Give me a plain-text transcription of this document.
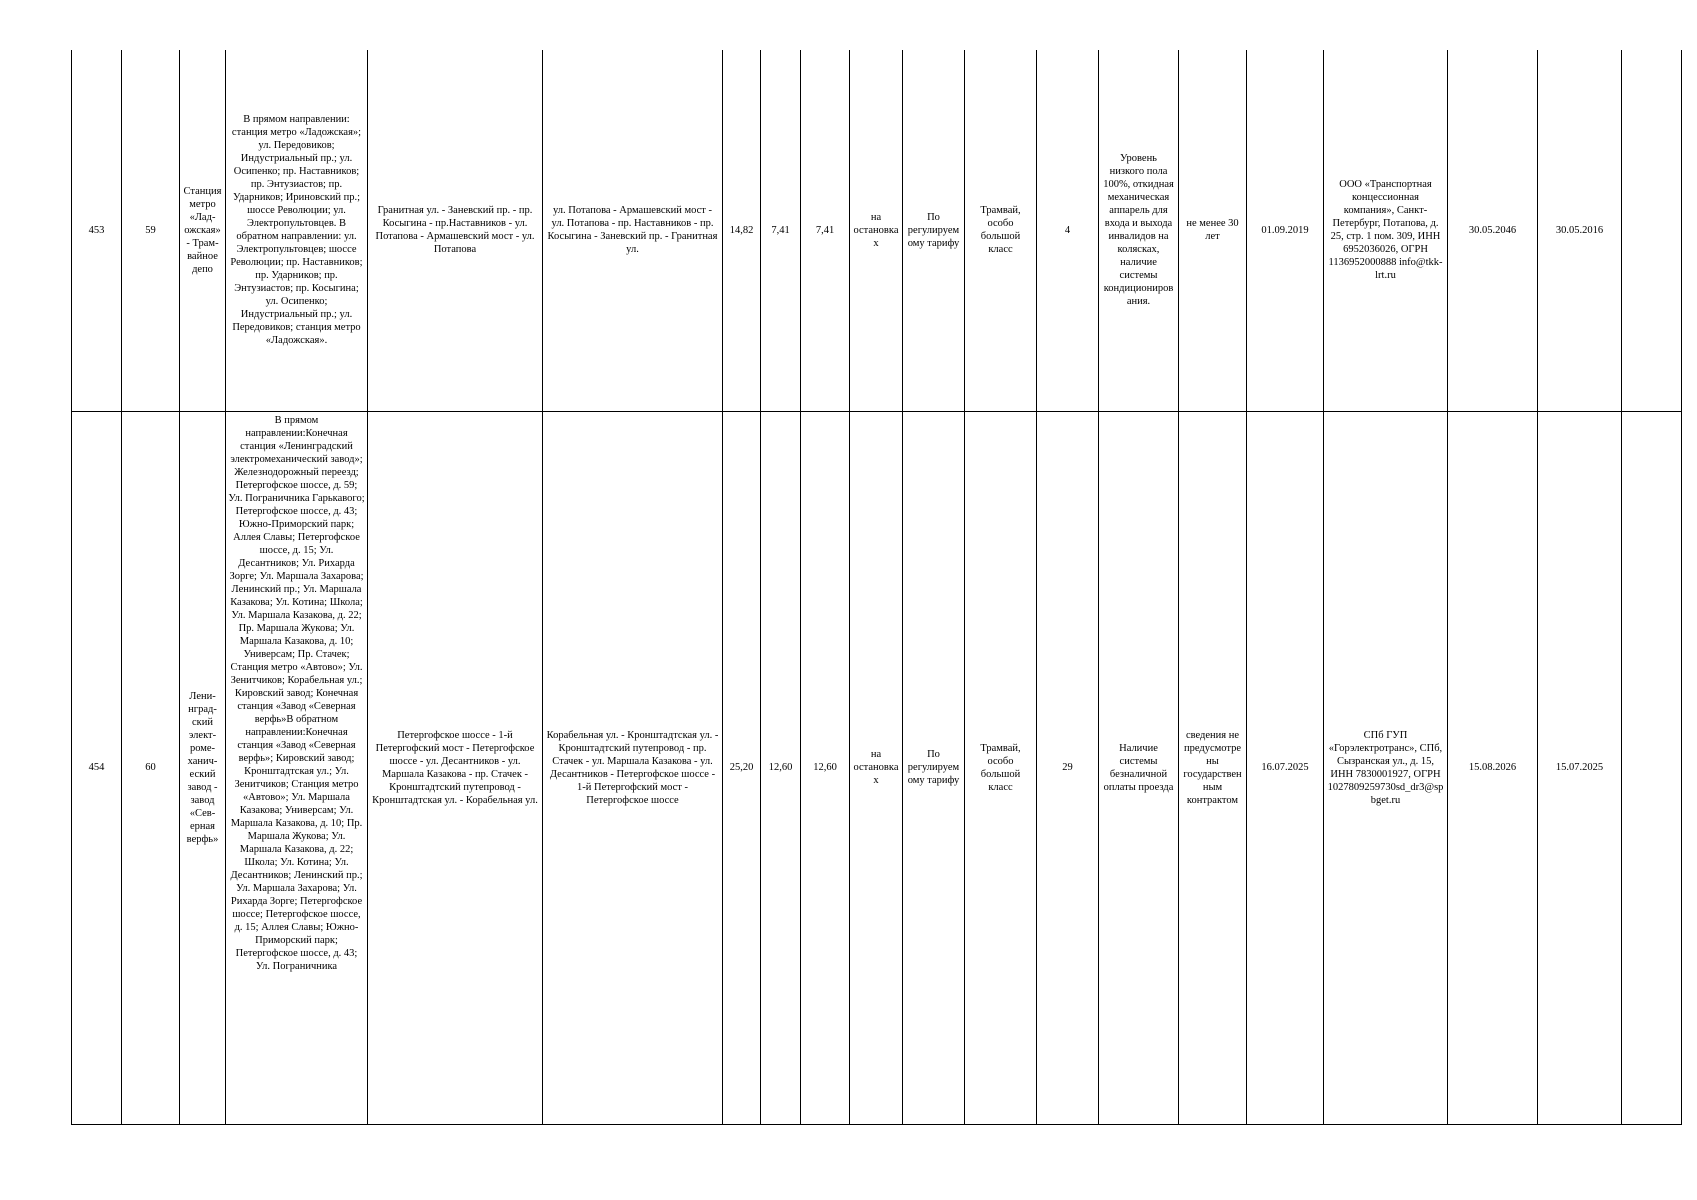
453	59	Станция метро «Ладожская» - Трамвайное депо	В прямом направлении: станция метро «Ладожская»; ул. Передовиков; Индустриальный пр.; ул. Осипенко; пр. Наставников; пр. Энтузиастов; пр. Ударников; Ириновский пр.; шоссе Революции; ул. Электропультовцев. В обратном направлении: ул. Электропультовцев; шоссе Революции; пр. Наставников; пр. Ударников; пр. Энтузиастов; пр. Косыгина; ул. Осипенко; Индустриальный пр.; ул. Передовиков; станция метро «Ладожская».	Гранитная ул. - Заневский пр. - пр. Косыгина - пр.Наставников - ул. Потапова - Армашевский мост - ул. Потапова	ул. Потапова - Армашевский мост - ул. Потапова - пр. Наставников - пр. Косыгина - Заневский пр. - Гранитная ул.	14,82	7,41	7,41	на остановках	По регулируемому тарифу	Трамвай, особо большой класс	4	Уровень низкого пола 100%, откидная механическая аппарель для входа и выхода инвалидов на колясках, наличие системы кондиционирования.	не менее 30 лет	01.09.2019	ООО «Транспортная концессионная компания», Санкт-Петербург, Потапова, д. 25, стр. 1 пом. 309, ИНН 6952036026, ОГРН 1136952000888 info@tkk-lrt.ru	30.05.2046	30.05.2016	
454	60	Ленинградский электромеханический завод - завод «Северная верфь»	В прямом направлении:Конечная станция «Ленинградский электромеханический завод»; Железнодорожный переезд; Петергофское шоссе, д. 59; Ул. Пограничника Гарькавого; Петергофское шоссе, д. 43; Южно-Приморский парк; Аллея Славы; Петергофское шоссе, д. 15; Ул. Десантников; Ул. Рихарда Зорге; Ул. Маршала Захарова; Ленинский пр.; Ул. Маршала Казакова; Ул. Котина; Школа; Ул. Маршала Казакова, д. 22; Пр. Маршала Жукова; Ул. Маршала Казакова, д. 10; Универсам; Пр. Стачек; Станция метро «Автово»; Ул. Зенитчиков; Корабельная ул.; Кировский завод; Конечная станция «Завод «Северная верфь»В обратном направлении:Конечная станция «Завод «Северная верфь»; Кировский завод; Кронштадтская ул.; Ул. Зенитчиков; Станция метро «Автово»; Ул. Маршала Казакова; Универсам; Ул. Маршала Казакова, д. 10; Пр. Маршала Жукова; Ул. Маршала Казакова, д. 22; Школа; Ул. Котина; Ул. Десантников; Ленинский пр.; Ул. Маршала Захарова; Ул. Рихарда Зорге; Петергофское шоссе; Петергофское шоссе, д. 15; Аллея Славы; Южно-Приморский парк; Петергофское шоссе, д. 43; Ул. Пограничника	Петергофское шоссе - 1-й Петергофский мост - Петергофское шоссе - ул. Десантников - ул. Маршала Казакова - пр. Стачек - Кронштадтский путепровод - Кронштадтская ул. - Корабельная ул.	Корабельная ул. - Кронштадтская ул. - Кронштадтский путепровод - пр. Стачек - ул. Маршала Казакова - ул. Десантников - Петергофское шоссе - 1-й Петергофский мост - Петергофское шоссе	25,20	12,60	12,60	на остановках	По регулируемому тарифу	Трамвай, особо большой класс	29	Наличие системы безналичной оплаты проезда	сведения не предусмотрены государственным контрактом	16.07.2025	СПб ГУП «Горэлектротранс», СПб, Сызранская ул., д. 15, ИНН 7830001927, ОГРН 1027809259730sd_dr3@spbget.ru	15.08.2026	15.07.2025	
